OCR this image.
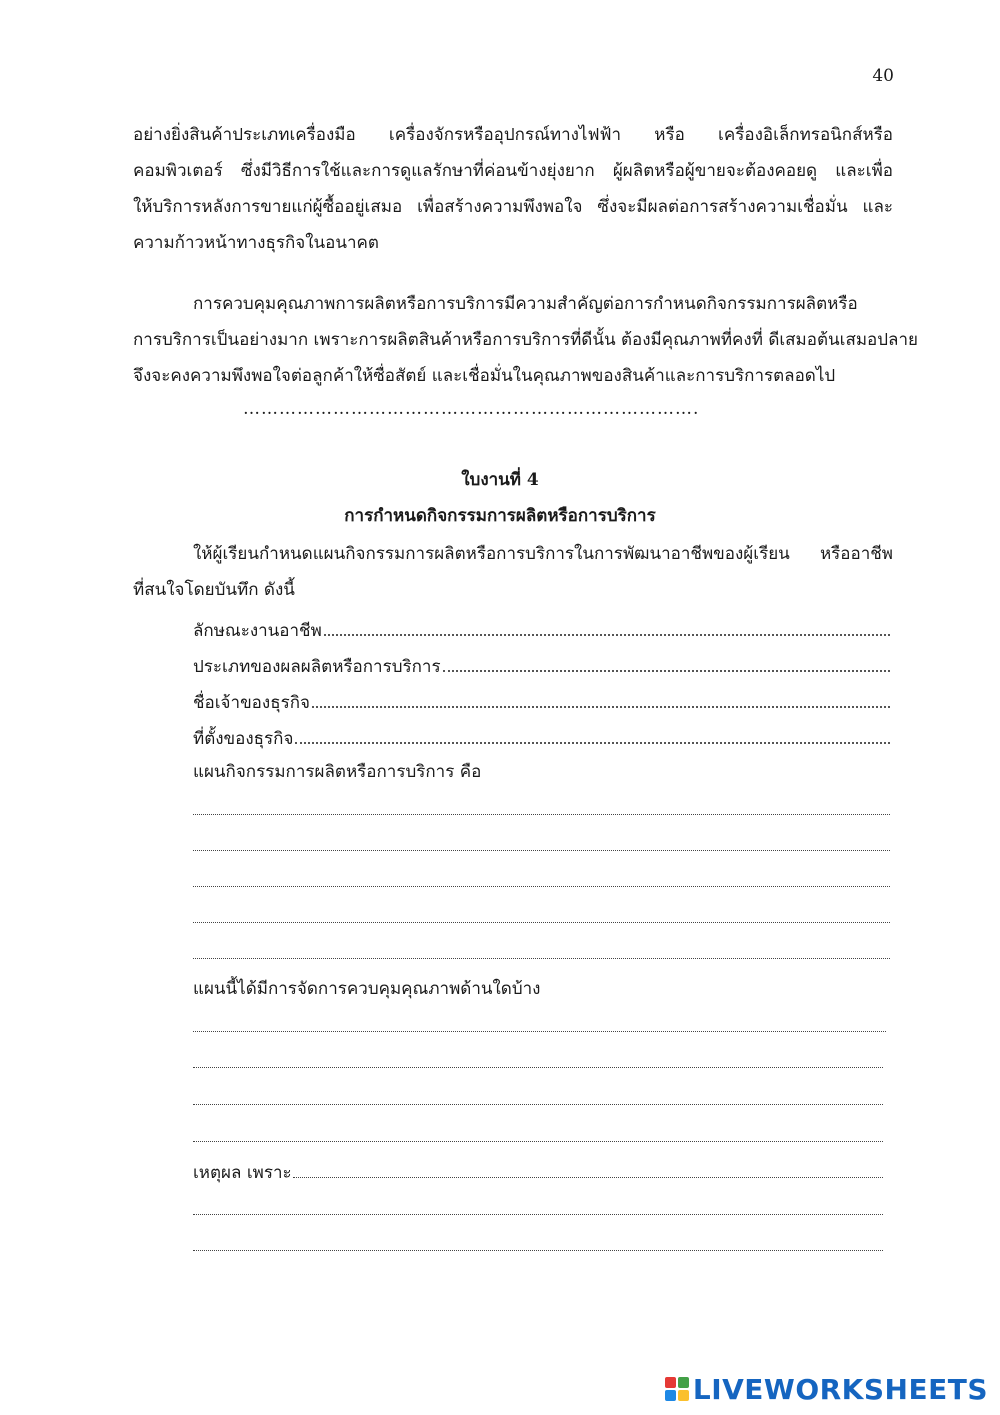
40
อย่างยิ่งสินค้าประเภทเครื่องมือ เครื่องจักรหรืออุปกรณ์ทางไฟฟ้า หรือ เครื่องอิเล็กทรอนิกส์หรือ
คอมพิวเตอร์ ซึ่งมีวิธีการใช้และการดูแลรักษาที่ค่อนข้างยุ่งยาก ผู้ผลิตหรือผู้ขายจะต้องคอยดู และเพื่อ
ให้บริการหลังการขายแก่ผู้ซื้ออยู่เสมอ เพื่อสร้างความพึงพอใจ ซึ่งจะมีผลต่อการสร้างความเชื่อมั่น และ
ความก้าวหน้าทางธุรกิจในอนาคต
การควบคุมคุณภาพการผลิตหรือการบริการมีความสำคัญต่อการกำหนดกิจกรรมการผลิตหรือ
การบริการเป็นอย่างมาก เพราะการผลิตสินค้าหรือการบริการที่ดีนั้น ต้องมีคุณภาพที่คงที่ ดีเสมอต้นเสมอปลาย
จึงจะคงความพึงพอใจต่อลูกค้าให้ซื่อสัตย์ และเชื่อมั่นในคุณภาพของสินค้าและการบริการตลอดไป
………………………………………………………………….
ใบงานที่ 4
การกำหนดกิจกรรมการผลิตหรือการบริการ
ให้ผู้เรียนกำหนดแผนกิจกรรมการผลิตหรือการบริการในการพัฒนาอาชีพของผู้เรียน หรืออาชีพ
ที่สนใจโดยบันทึก ดังนี้
ลักษณะงานอาชีพ
ประเภทของผลผลิตหรือการบริการ
ชื่อเจ้าของธุรกิจ
ที่ตั้งของธุรกิจ
แผนกิจกรรมการผลิตหรือการบริการ คือ
แผนนี้ได้มีการจัดการควบคุมคุณภาพด้านใดบ้าง
เหตุผล เพราะ
LIVEWORKSHEETS
